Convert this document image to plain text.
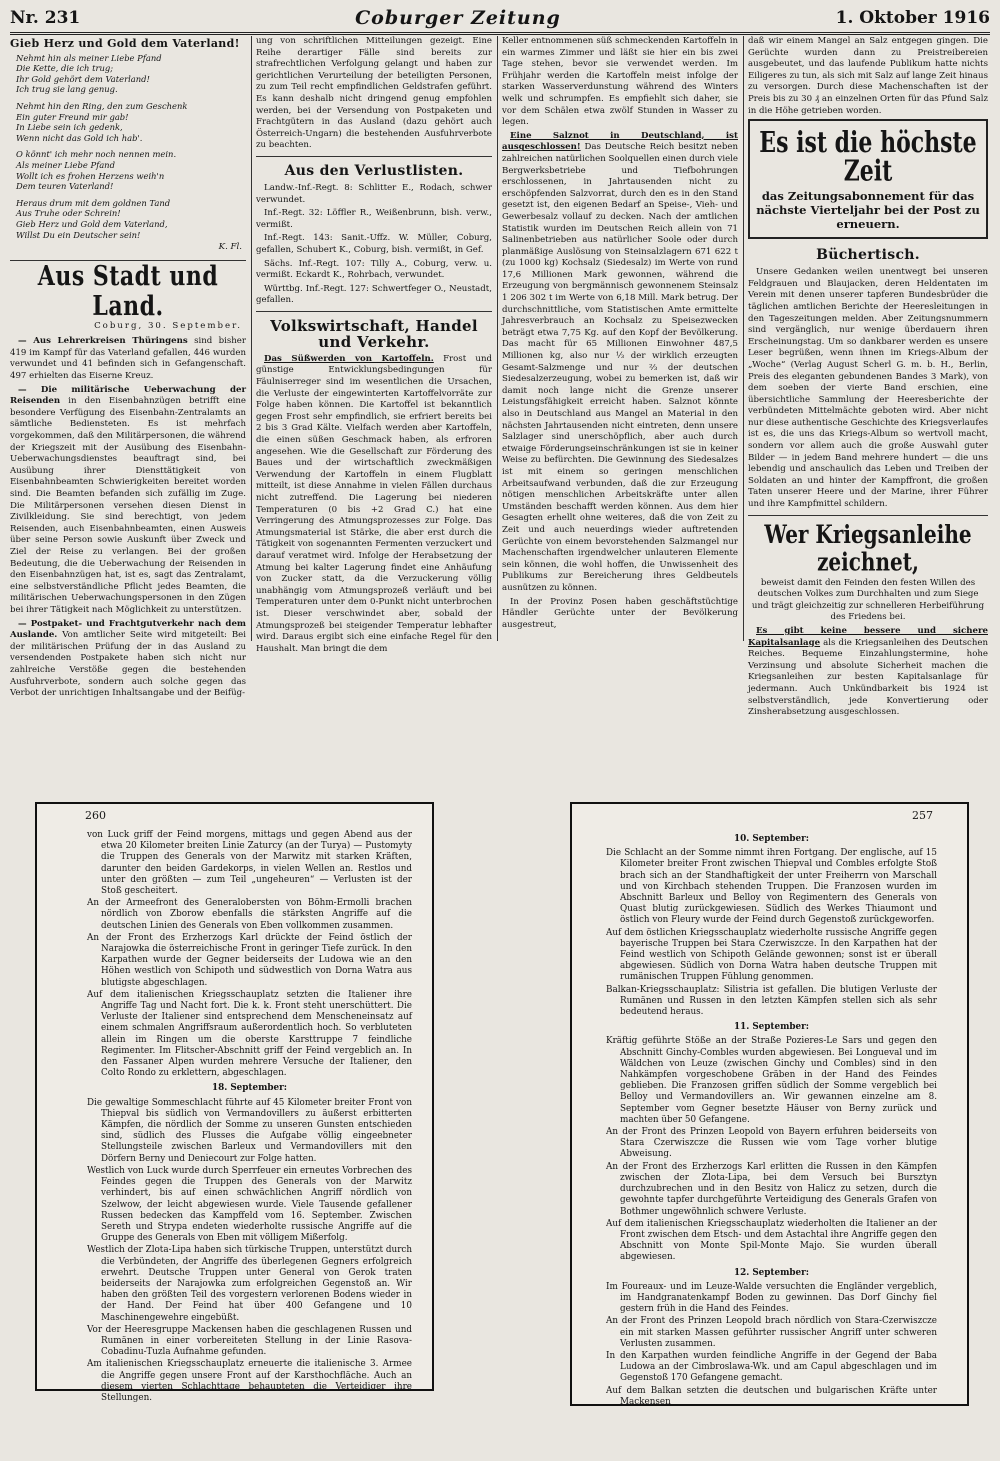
Nr. 231	Coburger Zeitung	1. Oktober 1916
Gieb Herz und Gold dem Vaterland!
Nehmt hin als meiner Liebe Pfand
Die Kette, die ich trug;
Ihr Gold gehört dem Vaterland!
Ich trug sie lang genug.
Nehmt hin den Ring, den zum Geschenk
Ein guter Freund mir gab!
In Liebe sein ich gedenk,
Wenn nicht das Gold ich hab'.
O könnt' ich mehr noch nennen mein.
Als meiner Liebe Pfand
Wollt ich es frohen Herzens weih'n
Dem teuren Vaterland!
Heraus drum mit dem goldnen Tand
Aus Truhe oder Schrein!
Gieb Herz und Gold dem Vaterland,
Willst Du ein Deutscher sein!
K. Fl.
Aus Stadt und Land.
Coburg, 30. September.

— Aus Lehrerkreisen Thüringens sind bisher 419 im Kampf für das Vaterland gefallen, 446 wurden verwundet und 41 befinden sich in Gefangenschaft. 497 erhielten das Eiserne Kreuz.

— Die militärische Ueberwachung der Reisenden in den Eisenbahnzügen betrifft eine besondere Verfügung des Eisenbahn-Zentralamts an sämtliche Bediensteten. Es ist mehrfach vorgekommen, daß den Militärpersonen, die während der Kriegszeit mit der Ausübung des Eisenbahn-Ueberwachungsdienstes beauftragt sind, bei Ausübung ihrer Diensttätigkeit von Eisenbahnbeamten Schwierigkeiten bereitet worden sind. Die Beamten befanden sich zufällig im Zuge. Die Militärpersonen versehen diesen Dienst in Zivilkleidung. Sie sind berechtigt, von jedem Reisenden, auch Eisenbahnbeamten, einen Ausweis über seine Person sowie Auskunft über Zweck und Ziel der Reise zu verlangen. Bei der großen Bedeutung, die die Ueberwachung der Reisenden in den Eisenbahnzügen hat, ist es, sagt das Zentralamt, eine selbstverständliche Pflicht jedes Beamten, die militärischen Ueberwachungspersonen in den Zügen bei ihrer Tätigkeit nach Möglichkeit zu unterstützen.

— Postpaket- und Frachtgutverkehr nach dem Auslande. Von amtlicher Seite wird mitgeteilt: Bei der militärischen Prüfung der in das Ausland zu versendenden Postpakete haben sich nicht nur zahlreiche Verstöße gegen die bestehenden Ausfuhrverbote, sondern auch solche gegen das Verbot der unrichtigen Inhaltsangabe und der Beifüg-

ung von schriftlichen Mitteilungen gezeigt. Eine Reihe derartiger Fälle sind bereits zur strafrechtlichen Verfolgung gelangt und haben zur gerichtlichen Verurteilung der beteiligten Personen, zu zum Teil recht empfindlichen Geldstrafen geführt. Es kann deshalb nicht dringend genug empfohlen werden, bei der Versendung von Postpaketen und Frachtgütern in das Ausland (dazu gehört auch Österreich-Ungarn) die bestehenden Ausfuhrverbote zu beachten.

Aus den Verlustlisten.

Landw.-Inf.-Regt. 8: Schlitter E., Rodach, schwer verwundet.

Inf.-Regt. 32: Löffler R., Weißenbrunn, bish. verw., vermißt.

Inf.-Regt. 143: Sanit.-Uffz. W. Müller, Coburg, gefallen, Schubert K., Coburg, bish. vermißt, in Gef.

Sächs. Inf.-Regt. 107: Tilly A., Coburg, verw. u. vermißt. Eckardt K., Rohrbach, verwundet.

Württbg. Inf.-Regt. 127: Schwertfeger O., Neustadt, gefallen.

Volkswirtschaft, Handel und Verkehr.

Das Süßwerden von Kartoffeln. Frost und günstige Entwicklungsbedingungen für Fäulniserreger sind im wesentlichen die Ursachen, die Verluste der eingewinterten Kartoffelvorräte zur Folge haben können. Die Kartoffel ist bekanntlich gegen Frost sehr empfindlich, sie erfriert bereits bei 2 bis 3 Grad Kälte. Vielfach werden aber Kartoffeln, die einen süßen Geschmack haben, als erfroren angesehen. Wie die Gesellschaft zur Förderung des Baues und der wirtschaftlich zweckmäßigen Verwendung der Kartoffeln in einem Flugblatt mitteilt, ist diese Annahme in vielen Fällen durchaus nicht zutreffend. Die Lagerung bei niederen Temperaturen (0 bis +2 Grad C.) hat eine Verringerung des Atmungsprozesses zur Folge. Das Atmungsmaterial ist Stärke, die aber erst durch die Tätigkeit von sogenannten Fermenten verzuckert und darauf veratmet wird. Infolge der Herabsetzung der Atmung bei kalter Lagerung findet eine Anhäufung von Zucker statt, da die Verzuckerung völlig unabhängig vom Atmungsprozeß verläuft und bei Temperaturen unter dem 0-Punkt nicht unterbrochen ist. Dieser verschwindet aber, sobald der Atmungsprozeß bei steigender Temperatur lebhafter wird. Daraus ergibt sich eine einfache Regel für den Haushalt. Man bringt die dem

Keller entnommenen süß schmeckenden Kartoffeln in ein warmes Zimmer und läßt sie hier ein bis zwei Tage stehen, bevor sie verwendet werden. Im Frühjahr werden die Kartoffeln meist infolge der starken Wasserverdunstung während des Winters welk und schrumpfen. Es empfiehlt sich daher, sie vor dem Schälen etwa zwölf Stunden in Wasser zu legen.

Eine Salznot in Deutschland, ist ausgeschlossen! Das Deutsche Reich besitzt neben zahlreichen natürlichen Soolquellen einen durch viele Bergwerksbetriebe und Tiefbohrungen erschlossenen, in Jahrtausenden nicht zu erschöpfenden Salzvorrat, durch den es in den Stand gesetzt ist, den eigenen Bedarf an Speise-, Vieh- und Gewerbesalz vollauf zu decken. Nach der amtlichen Statistik wurden im Deutschen Reich allein von 71 Salinenbetrieben aus natürlicher Soole oder durch planmäßige Auslösung von Steinsalzlagern 671 622 t (zu 1000 kg) Kochsalz (Siedesalz) im Werte von rund 17,6 Millionen Mark gewonnen, während die Erzeugung von bergmännisch gewonnenem Steinsalz 1 206 302 t im Werte von 6,18 Mill. Mark betrug. Der durchschnittliche, vom Statistischen Amte ermittelte Jahresverbrauch an Kochsalz zu Speisezwecken beträgt etwa 7,75 Kg. auf den Kopf der Bevölkerung. Das macht für 65 Millionen Einwohner 487,5 Millionen kg, also nur ⅓ der wirklich erzeugten Gesamt-Salzmenge und nur ⅔ der deutschen Siedesalzerzeugung, wobei zu bemerken ist, daß wir damit noch lange nicht die Grenze unserer Leistungsfähigkeit erreicht haben. Salznot könnte also in Deutschland aus Mangel an Material in den nächsten Jahrtausenden nicht eintreten, denn unsere Salzlager sind unerschöpflich, aber auch durch etwaige Förderungseinschränkungen ist sie in keiner Weise zu befürchten. Die Gewinnung des Siedesalzes ist mit einem so geringen menschlichen Arbeitsaufwand verbunden, daß die zur Erzeugung nötigen menschlichen Arbeitskräfte unter allen Umständen beschafft werden können. Aus dem hier Gesagten erhellt ohne weiteres, daß die von Zeit zu Zeit und auch neuerdings wieder auftretenden Gerüchte von einem bevorstehenden Salzmangel nur Machenschaften irgendwelcher unlauteren Elemente sein können, die wohl hoffen, die Unwissenheit des Publikums zur Bereicherung ihres Geldbeutels ausnützen zu können.

In der Provinz Posen haben geschäftstüchtige Händler Gerüchte unter der Bevölkerung ausgestreut,

daß wir einem Mangel an Salz entgegen gingen. Die Gerüchte wurden dann zu Preistreibereien ausgebeutet, und das laufende Publikum hatte nichts Eiligeres zu tun, als sich mit Salz auf lange Zeit hinaus zu versorgen. Durch diese Machenschaften ist der Preis bis zu 30 ₰ an einzelnen Orten für das Pfund Salz in die Höhe getrieben worden.

Es ist die höchste Zeit
das Zeitungsabonnement für das nächste Vierteljahr bei der Post zu erneuern.
Büchertisch.

Unsere Gedanken weilen unentwegt bei unseren Feldgrauen und Blaujacken, deren Heldentaten im Verein mit denen unserer tapferen Bundesbrüder die täglichen amtlichen Berichte der Heeresleitungen in den Tageszeitungen melden. Aber Zeitungsnummern sind vergänglich, nur wenige überdauern ihren Erscheinungstag. Um so dankbarer werden es unsere Leser begrüßen, wenn ihnen im Kriegs-Album der „Woche“ (Verlag August Scherl G. m. b. H., Berlin, Preis des eleganten gebundenen Bandes 3 Mark), von dem soeben der vierte Band erschien, eine übersichtliche Sammlung der Heeresberichte der verbündeten Mittelmächte geboten wird. Aber nicht nur diese authentische Geschichte des Kriegsverlaufes ist es, die uns das Kriegs-Album so wertvoll macht, sondern vor allem auch die große Auswahl guter Bilder — in jedem Band mehrere hundert — die uns lebendig und anschaulich das Leben und Treiben der Soldaten an und hinter der Kampffront, die großen Taten unserer Heere und der Marine, ihrer Führer und ihre Kampfmittel schildern.

Wer Kriegsanleihe zeichnet,

beweist damit den Feinden den festen Willen des deutschen Volkes zum Durchhalten und zum Siege und trägt gleichzeitig zur schnelleren Herbeiführung des Friedens bei.

Es gibt keine bessere und sichere Kapitalsanlage als die Kriegsanleihen des Deutschen Reiches. Bequeme Einzahlungstermine, hohe Verzinsung und absolute Sicherheit machen die Kriegsanleihen zur besten Kapitalsanlage für jedermann. Auch Unkündbarkeit bis 1924 ist selbstverständlich, jede Konvertierung oder Zinsherabsetzung ausgeschlossen.

260

von Luck griff der Feind morgens, mittags und gegen Abend aus der etwa 20 Kilometer breiten Linie Zaturcy (an der Turya) — Pustomyty die Truppen des Generals von der Marwitz mit starken Kräften, darunter den beiden Gardekorps, in vielen Wellen an. Restlos und unter den größten — zum Teil „ungeheuren“ — Verlusten ist der Stoß gescheitert.

An der Armeefront des Generalobersten von Böhm-Ermolli brachen nördlich von Zborow ebenfalls die stärksten Angriffe auf die deutschen Linien des Generals von Eben vollkommen zusammen.

An der Front des Erzherzogs Karl drückte der Feind östlich der Narajowka die österreichische Front in geringer Tiefe zurück. In den Karpathen wurde der Gegner beiderseits der Ludowa wie an den Höhen westlich von Schipoth und südwestlich von Dorna Watra aus blutigste abgeschlagen.

Auf dem italienischen Kriegsschauplatz setzten die Italiener ihre Angriffe Tag und Nacht fort. Die k. k. Front steht unerschüttert. Die Verluste der Italiener sind entsprechend dem Menscheneinsatz auf einem schmalen Angriffsraum außerordentlich hoch. So verbluteten allein im Ringen um die oberste Karsttruppe 7 feindliche Regimenter. Im Flitscher-Abschnitt griff der Feind vergeblich an. In den Fassaner Alpen wurden mehrere Versuche der Italiener, den Colto Rondo zu erklettern, abgeschlagen.

18. September:

Die gewaltige Sommeschlacht führte auf 45 Kilometer breiter Front von Thiepval bis südlich von Vermandovillers zu äußerst erbitterten Kämpfen, die nördlich der Somme zu unseren Gunsten entschieden sind, südlich des Flusses die Aufgabe völlig eingeebneter Stellungsteile zwischen Barleux und Vermandovillers mit den Dörfern Berny und Deniecourt zur Folge hatten.

Westlich von Luck wurde durch Sperrfeuer ein erneutes Vorbrechen des Feindes gegen die Truppen des Generals von der Marwitz verhindert, bis auf einen schwächlichen Angriff nördlich von Szelwow, der leicht abgewiesen wurde. Viele Tausende gefallener Russen bedecken das Kampffeld vom 16. September. Zwischen Sereth und Strypa endeten wiederholte russische Angriffe auf die Gruppe des Generals von Eben mit völligem Mißerfolg.

Westlich der Zlota-Lipa haben sich türkische Truppen, unterstützt durch die Verbündeten, der Angriffe des überlegenen Gegners erfolgreich erwehrt. Deutsche Truppen unter General von Gerok traten beiderseits der Narajowka zum erfolgreichen Gegenstoß an. Wir haben den größten Teil des vorgestern verlorenen Bodens wieder in der Hand. Der Feind hat über 400 Gefangene und 10 Maschinengewehre eingebüßt.

Vor der Heeresgruppe Mackensen haben die geschlagenen Russen und Rumänen in einer vorbereiteten Stellung in der Linie Rasova-Cobadinu-Tuzla Aufnahme gefunden.

Am italienischen Kriegsschauplatz erneuerte die italienische 3. Armee die Angriffe gegen unsere Front auf der Karsthochfläche. Auch an diesem vierten Schlachttage behaupteten die Verteidiger ihre Stellungen.

257
10. September:

Die Schlacht an der Somme nimmt ihren Fortgang. Der englische, auf 15 Kilometer breiter Front zwischen Thiepval und Combles erfolgte Stoß brach sich an der Standhaftigkeit der unter Freiherrn von Marschall und von Kirchbach stehenden Truppen. Die Franzosen wurden im Abschnitt Barleux und Belloy von Regimentern des Generals von Quast blutig zurückgewiesen. Südlich des Werkes Thiaumont und östlich von Fleury wurde der Feind durch Gegenstoß zurückgeworfen.

Auf dem östlichen Kriegsschauplatz wiederholte russische Angriffe gegen bayerische Truppen bei Stara Czerwiszcze. In den Karpathen hat der Feind westlich von Schipoth Gelände gewonnen; sonst ist er überall abgewiesen. Südlich von Dorna Watra haben deutsche Truppen mit rumänischen Truppen Fühlung genommen.

Balkan-Kriegsschauplatz: Silistria ist gefallen. Die blutigen Verluste der Rumänen und Russen in den letzten Kämpfen stellen sich als sehr bedeutend heraus.

11. September:

Kräftig geführte Stöße an der Straße Pozieres-Le Sars und gegen den Abschnitt Ginchy-Combles wurden abgewiesen. Bei Longueval und im Wäldchen von Leuze (zwischen Ginchy und Combles) sind in den Nahkämpfen vorgeschobene Gräben in der Hand des Feindes geblieben. Die Franzosen griffen südlich der Somme vergeblich bei Belloy und Vermandovillers an. Wir gewannen einzelne am 8. September vom Gegner besetzte Häuser von Berny zurück und machten über 50 Gefangene.

An der Front des Prinzen Leopold von Bayern erfuhren beiderseits von Stara Czerwiszcze die Russen wie vom Tage vorher blutige Abweisung.

An der Front des Erzherzogs Karl erlitten die Russen in den Kämpfen zwischen der Zlota-Lipa, bei dem Versuch bei Bursztyn durchzubrechen und in den Besitz von Halicz zu setzen, durch die gewohnte tapfer durchgeführte Verteidigung des Generals Grafen von Bothmer ungewöhnlich schwere Verluste.

Auf dem italienischen Kriegsschauplatz wiederholten die Italiener an der Front zwischen dem Etsch- und dem Astachtal ihre Angriffe gegen den Abschnitt von Monte Spil-Monte Majo. Sie wurden überall abgewiesen.

12. September:

Im Foureaux- und im Leuze-Walde versuchten die Engländer vergeblich, im Handgranatenkampf Boden zu gewinnen. Das Dorf Ginchy fiel gestern früh in die Hand des Feindes.

An der Front des Prinzen Leopold brach nördlich von Stara-Czerwiszcze ein mit starken Massen geführter russischer Angriff unter schweren Verlusten zusammen.

In den Karpathen wurden feindliche Angriffe in der Gegend der Baba Ludowa an der Cimbroslawa-Wk. und am Capul abgeschlagen und im Gegenstoß 170 Gefangene gemacht.

Auf dem Balkan setzten die deutschen und bulgarischen Kräfte unter Mackensen
